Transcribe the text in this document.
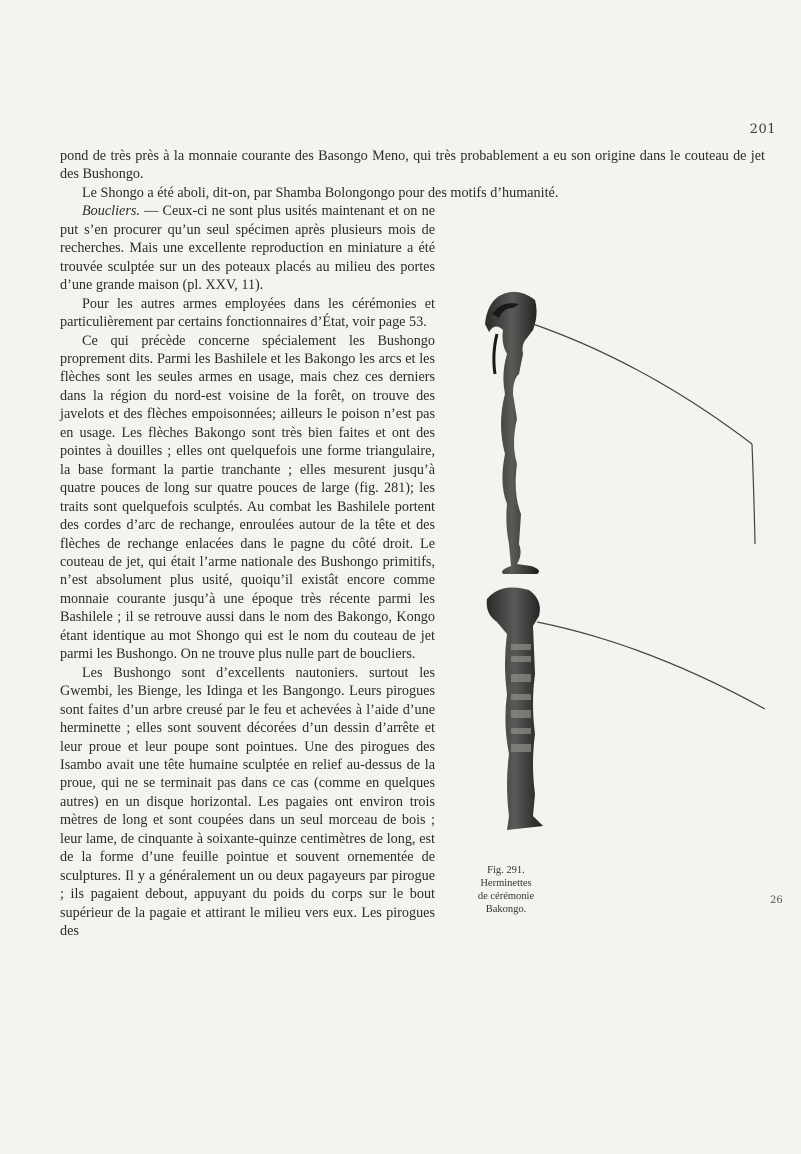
201

pond de très près à la monnaie courante des Basongo Meno, qui très probablement a eu son origine dans le couteau de jet des Bushongo.

Le Shongo a été aboli, dit-on, par Shamba Bolongongo pour des motifs d’humanité.

Fig. 291.
Herminettes
de cérémonie
Bakongo.

Boucliers. — Ceux-ci ne sont plus usités maintenant et on ne put s’en procurer qu’un seul spécimen après plusieurs mois de recherches. Mais une excellente reproduction en miniature a été trouvée sculptée sur un des poteaux placés au milieu des portes d’une grande maison (pl. XXV, 11).

Pour les autres armes employées dans les cérémonies et particulièrement par certains fonctionnaires d’État, voir page 53.

Ce qui précède concerne spécialement les Bushongo proprement dits. Parmi les Bashilele et les Bakongo les arcs et les flèches sont les seules armes en usage, mais chez ces derniers dans la région du nord-est voisine de la forêt, on trouve des javelots et des flèches empoisonnées; ailleurs le poison n’est pas en usage. Les flèches Bakongo sont très bien faites et ont des pointes à douilles ; elles ont quelquefois une forme triangulaire, la base formant la partie tranchante ; elles mesurent jusqu’à quatre pouces de long sur quatre pouces de large (fig. 281); les traits sont quelquefois sculptés. Au combat les Bashilele portent des cordes d’arc de rechange, enroulées autour de la tête et des flèches de rechange enlacées dans le pagne du côté droit. Le couteau de jet, qui était l’arme nationale des Bushongo primitifs, n’est absolument plus usité, quoiqu’il existât encore comme monnaie courante jusqu’à une époque très récente parmi les Bashilele ; il se retrouve aussi dans le nom des Bakongo, Kongo étant identique au mot Shongo qui est le nom du couteau de jet parmi les Bushongo. On ne trouve plus nulle part de boucliers.

Les Bushongo sont d’excellents nautoniers. surtout les Gwembi, les Bienge, les Idinga et les Bangongo. Leurs pirogues sont faites d’un arbre creusé par le feu et achevées à l’aide d’une herminette ; elles sont souvent décorées d’un dessin d’arrête et leur proue et leur poupe sont pointues. Une des pirogues des Isambo avait une tête humaine sculptée en relief au-dessus de la proue, qui ne se terminait pas dans ce cas (comme en quelques autres) en un disque horizontal. Les pagaies ont environ trois mètres de long et sont coupées dans un seul morceau de bois ; leur lame, de cinquante à soixante-quinze centimètres de long, est de la forme d’une feuille pointue et souvent ornementée de sculptures. Il y a généralement un ou deux pagayeurs par pirogue ; ils pagaient debout, appuyant du poids du corps sur le bout supérieur de la pagaie et attirant le milieu vers eux. Les pirogues des

26
